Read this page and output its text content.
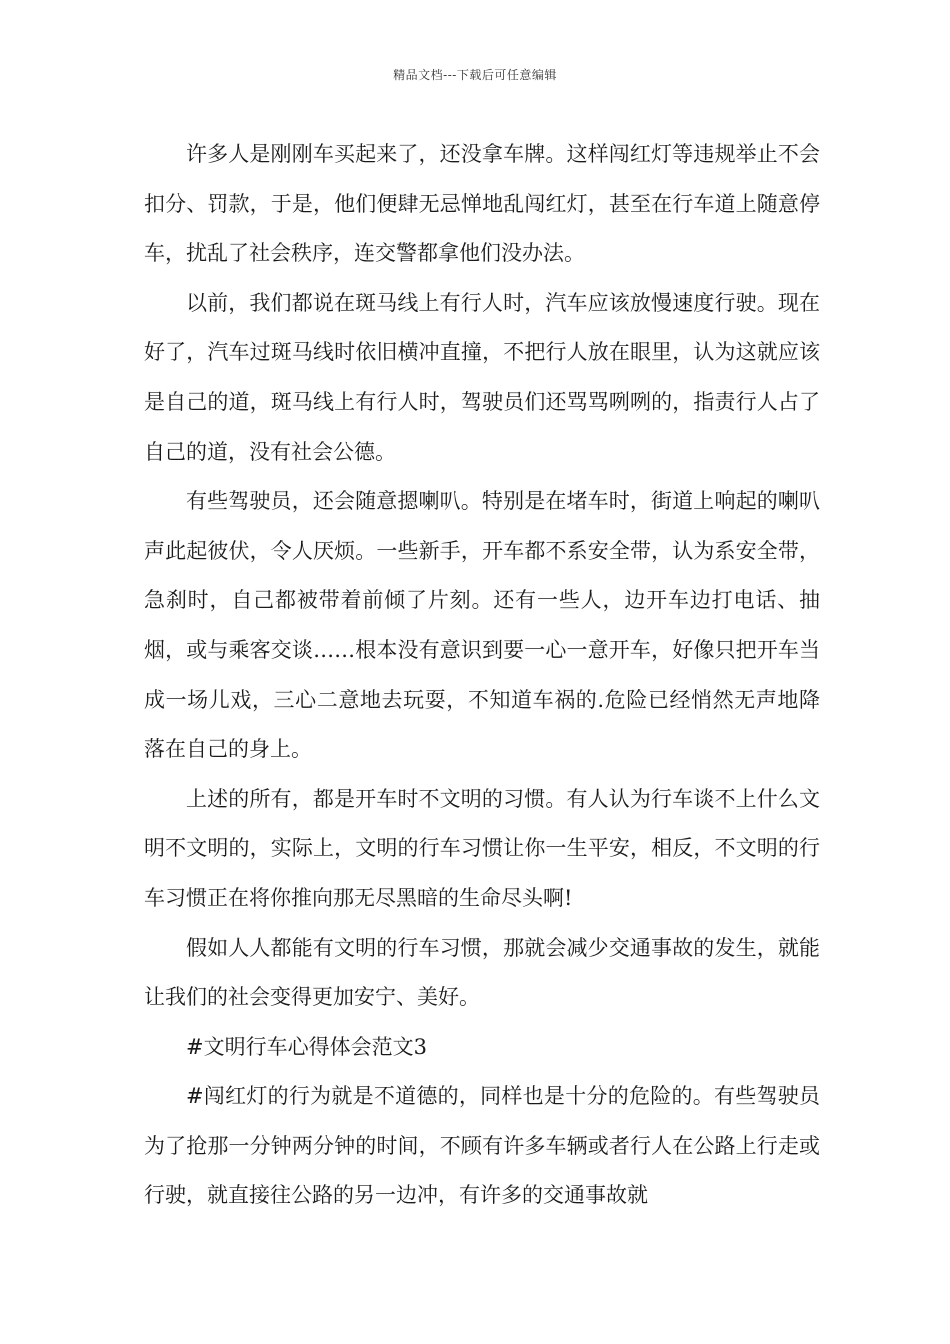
精品文档---下载后可任意编辑

许多人是刚刚车买起来了，还没拿车牌。这样闯红灯等违规举止不会扣分、罚款，于是，他们便肆无忌惮地乱闯红灯，甚至在行车道上随意停车，扰乱了社会秩序，连交警都拿他们没办法。

以前，我们都说在斑马线上有行人时，汽车应该放慢速度行驶。现在好了，汽车过斑马线时依旧横冲直撞，不把行人放在眼里，认为这就应该是自己的道，斑马线上有行人时，驾驶员们还骂骂咧咧的，指责行人占了自己的道，没有社会公德。

有些驾驶员，还会随意摁喇叭。特别是在堵车时，街道上响起的喇叭声此起彼伏，令人厌烦。一些新手，开车都不系安全带，认为系安全带，急刹时，自己都被带着前倾了片刻。还有一些人，边开车边打电话、抽烟，或与乘客交谈……根本没有意识到要一心一意开车，好像只把开车当成一场儿戏，三心二意地去玩耍，不知道车祸的.危险已经悄然无声地降落在自己的身上。

上述的所有，都是开车时不文明的习惯。有人认为行车谈不上什么文明不文明的，实际上，文明的行车习惯让你一生平安，相反，不文明的行车习惯正在将你推向那无尽黑暗的生命尽头啊!

假如人人都能有文明的行车习惯，那就会减少交通事故的发生，就能让我们的社会变得更加安宁、美好。

#文明行车心得体会范文3

#闯红灯的行为就是不道德的，同样也是十分的危险的。有些驾驶员为了抢那一分钟两分钟的时间，不顾有许多车辆或者行人在公路上行走或行驶，就直接往公路的另一边冲，有许多的交通事故就
